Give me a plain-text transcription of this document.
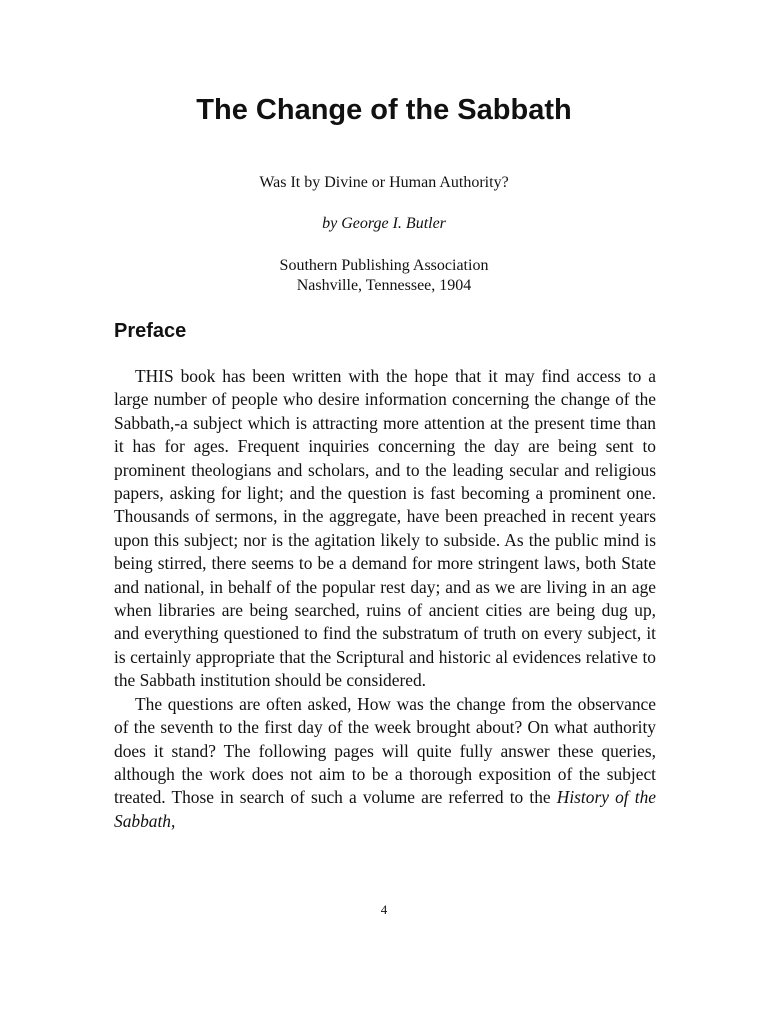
The Change of the Sabbath
Was It by Divine or Human Authority?
by George I. Butler
Southern Publishing Association
Nashville, Tennessee, 1904
Preface

THIS book has been written with the hope that it may find access to a large number of people who desire information concerning the change of the Sabbath,-a subject which is attracting more attention at the present time than it has for ages. Frequent inquiries concerning the day are being sent to prominent theologians and scholars, and to the leading secular and religious papers, asking for light; and the question is fast becoming a prominent one. Thousands of sermons, in the aggregate, have been preached in recent years upon this subject; nor is the agitation likely to subside. As the public mind is being stirred, there seems to be a demand for more stringent laws, both State and national, in behalf of the popular rest day; and as we are living in an age when libraries are being searched, ruins of ancient cities are being dug up, and everything questioned to find the substratum of truth on every subject, it is certainly appropriate that the Scriptural and historic al evidences relative to the Sabbath institution should be considered.

The questions are often asked, How was the change from the observance of the seventh to the first day of the week brought about? On what authority does it stand? The following pages will quite fully answer these queries, although the work does not aim to be a thorough exposition of the subject treated. Those in search of such a volume are referred to the History of the Sabbath,

4
